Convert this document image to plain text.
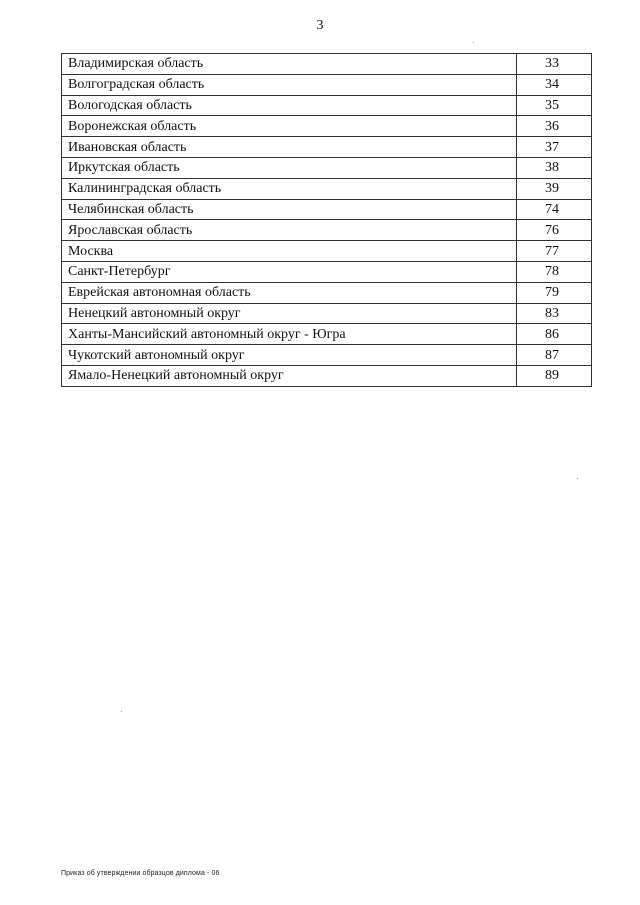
3
Владимирская область	33
Волгоградская область	34
Вологодская область	35
Воронежская область	36
Ивановская область	37
Иркутская область	38
Калининградская область	39
Челябинская область	74
Ярославская область	76
Москва	77
Санкт-Петербург	78
Еврейская автономная область	79
Ненецкий автономный округ	83
Ханты-Мансийский автономный округ - Югра	86
Чукотский автономный округ	87
Ямало-Ненецкий автономный округ	89
Приказ об утверждении образцов диплома - 06
